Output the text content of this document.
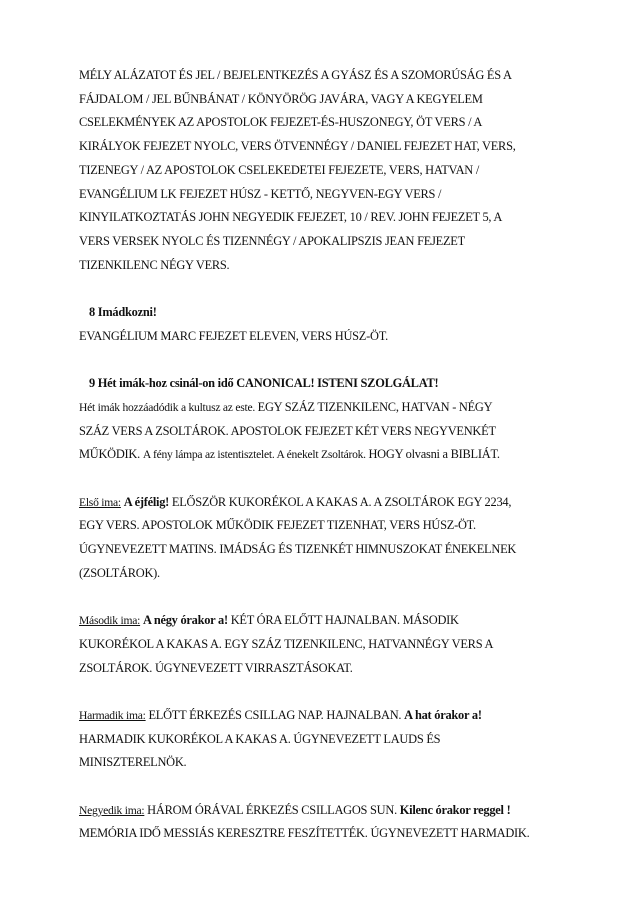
MÉLY ALÁZATOT ÉS JEL / BEJELENTKEZÉS A GYÁSZ ÉS A SZOMORÚSÁG ÉS A

FÁJDALOM / JEL BŰNBÁNAT / KÖNYÖRÖG JAVÁRA, VAGY A KEGYELEM

CSELEKMÉNYEK AZ APOSTOLOK FEJEZET-ÉS-HUSZONEGY, ÖT VERS / A

KIRÁLYOK FEJEZET NYOLC, VERS ÖTVENNÉGY / DANIEL FEJEZET HAT, VERS,

TIZENEGY / AZ APOSTOLOK CSELEKEDETEI FEJEZETE, VERS, HATVAN /

EVANGÉLIUM LK FEJEZET HÚSZ - KETTŐ, NEGYVEN-EGY VERS /

KINYILATKOZTATÁS JOHN NEGYEDIK FEJEZET, 10 / REV. JOHN FEJEZET 5, A

VERS VERSEK NYOLC ÉS TIZENNÉGY / APOKALIPSZIS JEAN FEJEZET

TIZENKILENC NÉGY VERS.

8 Imádkozni!

EVANGÉLIUM MARC FEJEZET ELEVEN, VERS HÚSZ-ÖT.

9 Hét imák-hoz csinál-on idő CANONICAL! ISTENI SZOLGÁLAT!

Hét imák hozzáadódik a kultusz az este. EGY SZÁZ TIZENKILENC, HATVAN - NÉGY

SZÁZ VERS A ZSOLTÁROK. APOSTOLOK FEJEZET KÉT VERS NEGYVENKÉT

MŰKÖDIK. A fény lámpa az istentisztelet. A énekelt Zsoltárok. HOGY olvasni a BIBLIÁT.

Első ima: A éjfélig! ELŐSZÖR KUKORÉKOL A KAKAS A. A ZSOLTÁROK EGY 2234,

EGY VERS. APOSTOLOK MŰKÖDIK FEJEZET TIZENHAT, VERS HÚSZ-ÖT.

ÚGYNEVEZETT MATINS. IMÁDSÁG ÉS TIZENKÉT HIMNUSZOKAT ÉNEKELNEK

(ZSOLTÁROK).

Második ima: A négy órakor a! KÉT ÓRA ELŐTT HAJNALBAN. MÁSODIK

KUKORÉKOL A KAKAS A. EGY SZÁZ TIZENKILENC, HATVANNÉGY VERS A

ZSOLTÁROK. ÚGYNEVEZETT VIRRASZTÁSOKAT.

Harmadik ima: ELŐTT ÉRKEZÉS CSILLAG NAP. HAJNALBAN. A hat órakor a!

HARMADIK KUKORÉKOL A KAKAS A. ÚGYNEVEZETT LAUDS ÉS

MINISZTERELNÖK.

Negyedik ima: HÁROM ÓRÁVAL ÉRKEZÉS CSILLAGOS SUN. Kilenc órakor reggel !

MEMÓRIA IDŐ MESSIÁS KERESZTRE FESZÍTETTÉK. ÚGYNEVEZETT HARMADIK.
